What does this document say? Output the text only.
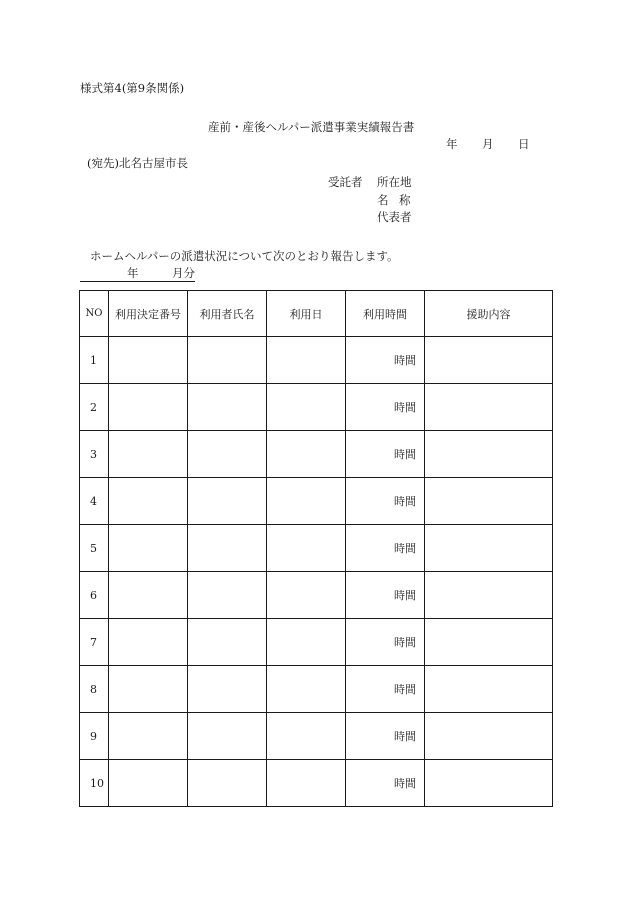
様式第4(第9条関係)
産前・産後ヘルパー派遣事業実績報告書
年 月 日
(宛先)北名古屋市長
受託者 所在地
名 称
代表者
ホームヘルパーの派遣状況について次のとおり報告します。
年	月分
NO	利用決定番号	利用者氏名	利用日	利用時間	援助内容
1				時間	
2				時間	
3				時間	
4				時間	
5				時間	
6				時間	
7				時間	
8				時間	
9				時間	
10				時間	
